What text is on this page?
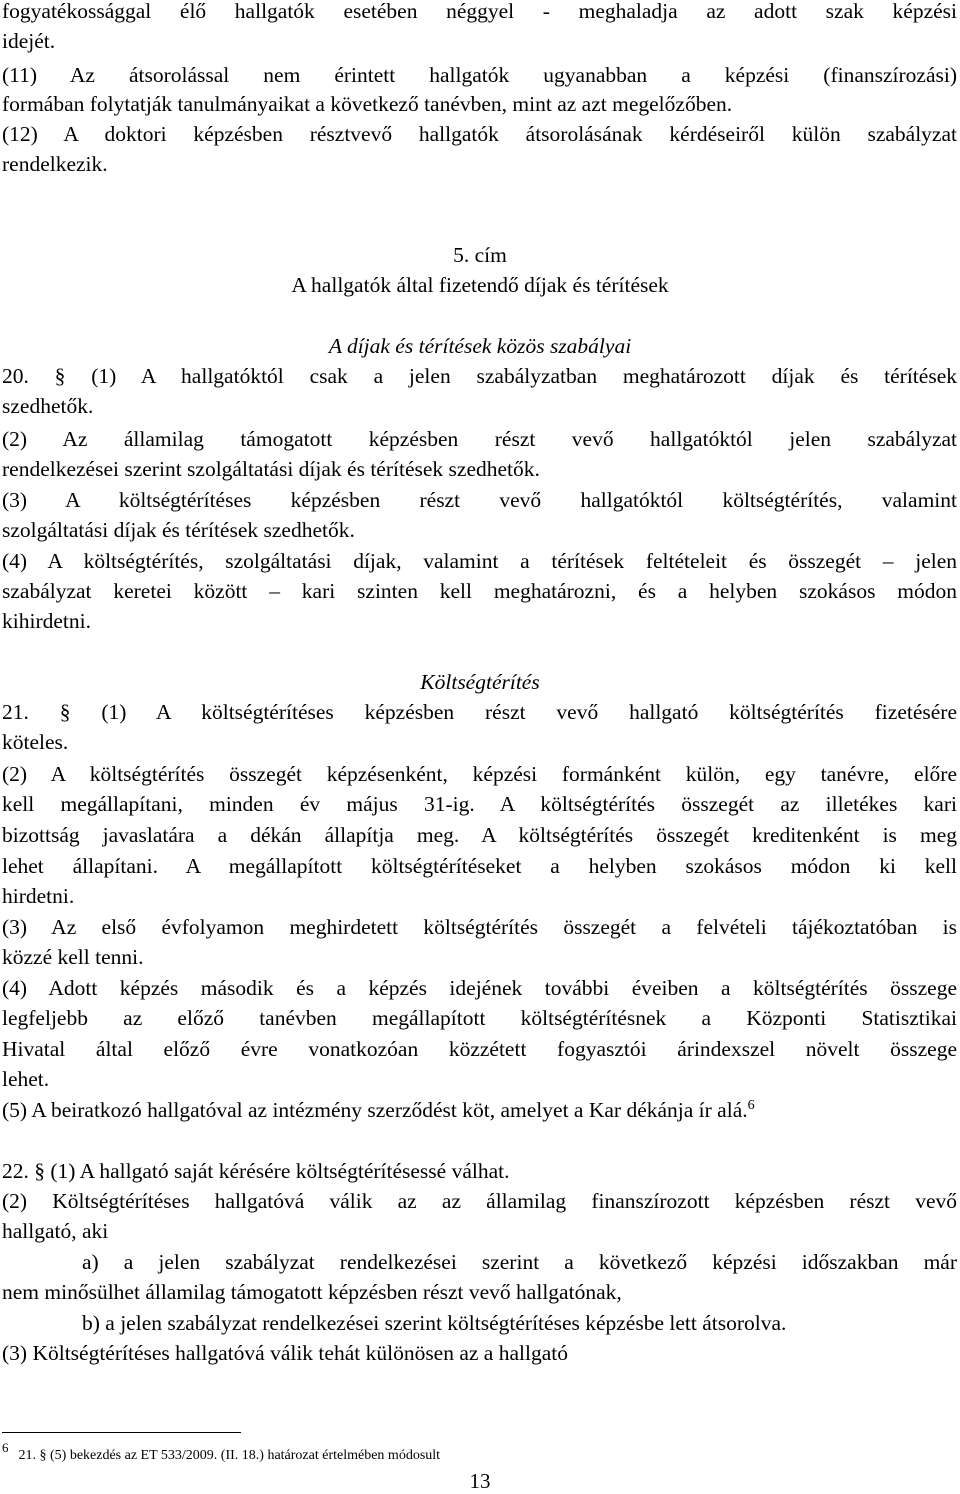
fogyatékossággal élő hallgatók esetében néggyel - meghaladja az adott szak képzési
idejét.
(11) Az átsorolással nem érintett hallgatók ugyanabban a képzési (finanszírozási)
formában folytatják tanulmányaikat a következő tanévben, mint az azt megelőzőben.
(12) A doktori képzésben résztvevő hallgatók átsorolásának kérdéseiről külön szabályzat
rendelkezik.
5. cím
A hallgatók által fizetendő díjak és térítések
A díjak és térítések közös szabályai
20. § (1) A hallgatóktól csak a jelen szabályzatban meghatározott díjak és térítések
szedhetők.
(2) Az államilag támogatott képzésben részt vevő hallgatóktól jelen szabályzat
rendelkezései szerint szolgáltatási díjak és térítések szedhetők.
(3) A költségtérítéses képzésben részt vevő hallgatóktól költségtérítés, valamint
szolgáltatási díjak és térítések szedhetők.
(4) A költségtérítés, szolgáltatási díjak, valamint a térítések feltételeit és összegét – jelen
szabályzat keretei között – kari szinten kell meghatározni, és a helyben szokásos módon
kihirdetni.
Költségtérítés
21. § (1) A költségtérítéses képzésben részt vevő hallgató költségtérítés fizetésére
köteles.
(2) A költségtérítés összegét képzésenként, képzési formánként külön, egy tanévre, előre
kell megállapítani, minden év május 31-ig. A költségtérítés összegét az illetékes kari
bizottság javaslatára a dékán állapítja meg. A költségtérítés összegét kreditenként is meg
lehet állapítani. A megállapított költségtérítéseket a helyben szokásos módon ki kell
hirdetni.
(3) Az első évfolyamon meghirdetett költségtérítés összegét a felvételi tájékoztatóban is
közzé kell tenni.
(4) Adott képzés második és a képzés idejének további éveiben a költségtérítés összege
legfeljebb az előző tanévben megállapított költségtérítésnek a Központi Statisztikai
Hivatal által előző évre vonatkozóan közzétett fogyasztói árindexszel növelt összege
lehet.
(5) A beiratkozó hallgatóval az intézmény szerződést köt, amelyet a Kar dékánja ír alá.$^6$
22. § (1) A hallgató saját kérésére költségtérítésessé válhat.
(2) Költségtérítéses hallgatóvá válik az az államilag finanszírozott képzésben részt vevő
hallgató, aki
a) a jelen szabályzat rendelkezései szerint a következő képzési időszakban már
nem minősülhet államilag támogatott képzésben részt vevő hallgatónak,
b) a jelen szabályzat rendelkezései szerint költségtérítéses képzésbe lett átsorolva.
(3) Költségtérítéses hallgatóvá válik tehát különösen az a hallgató
621. § (5) bekezdés az ET 533/2009. (II. 18.) határozat értelmében módosult
13
